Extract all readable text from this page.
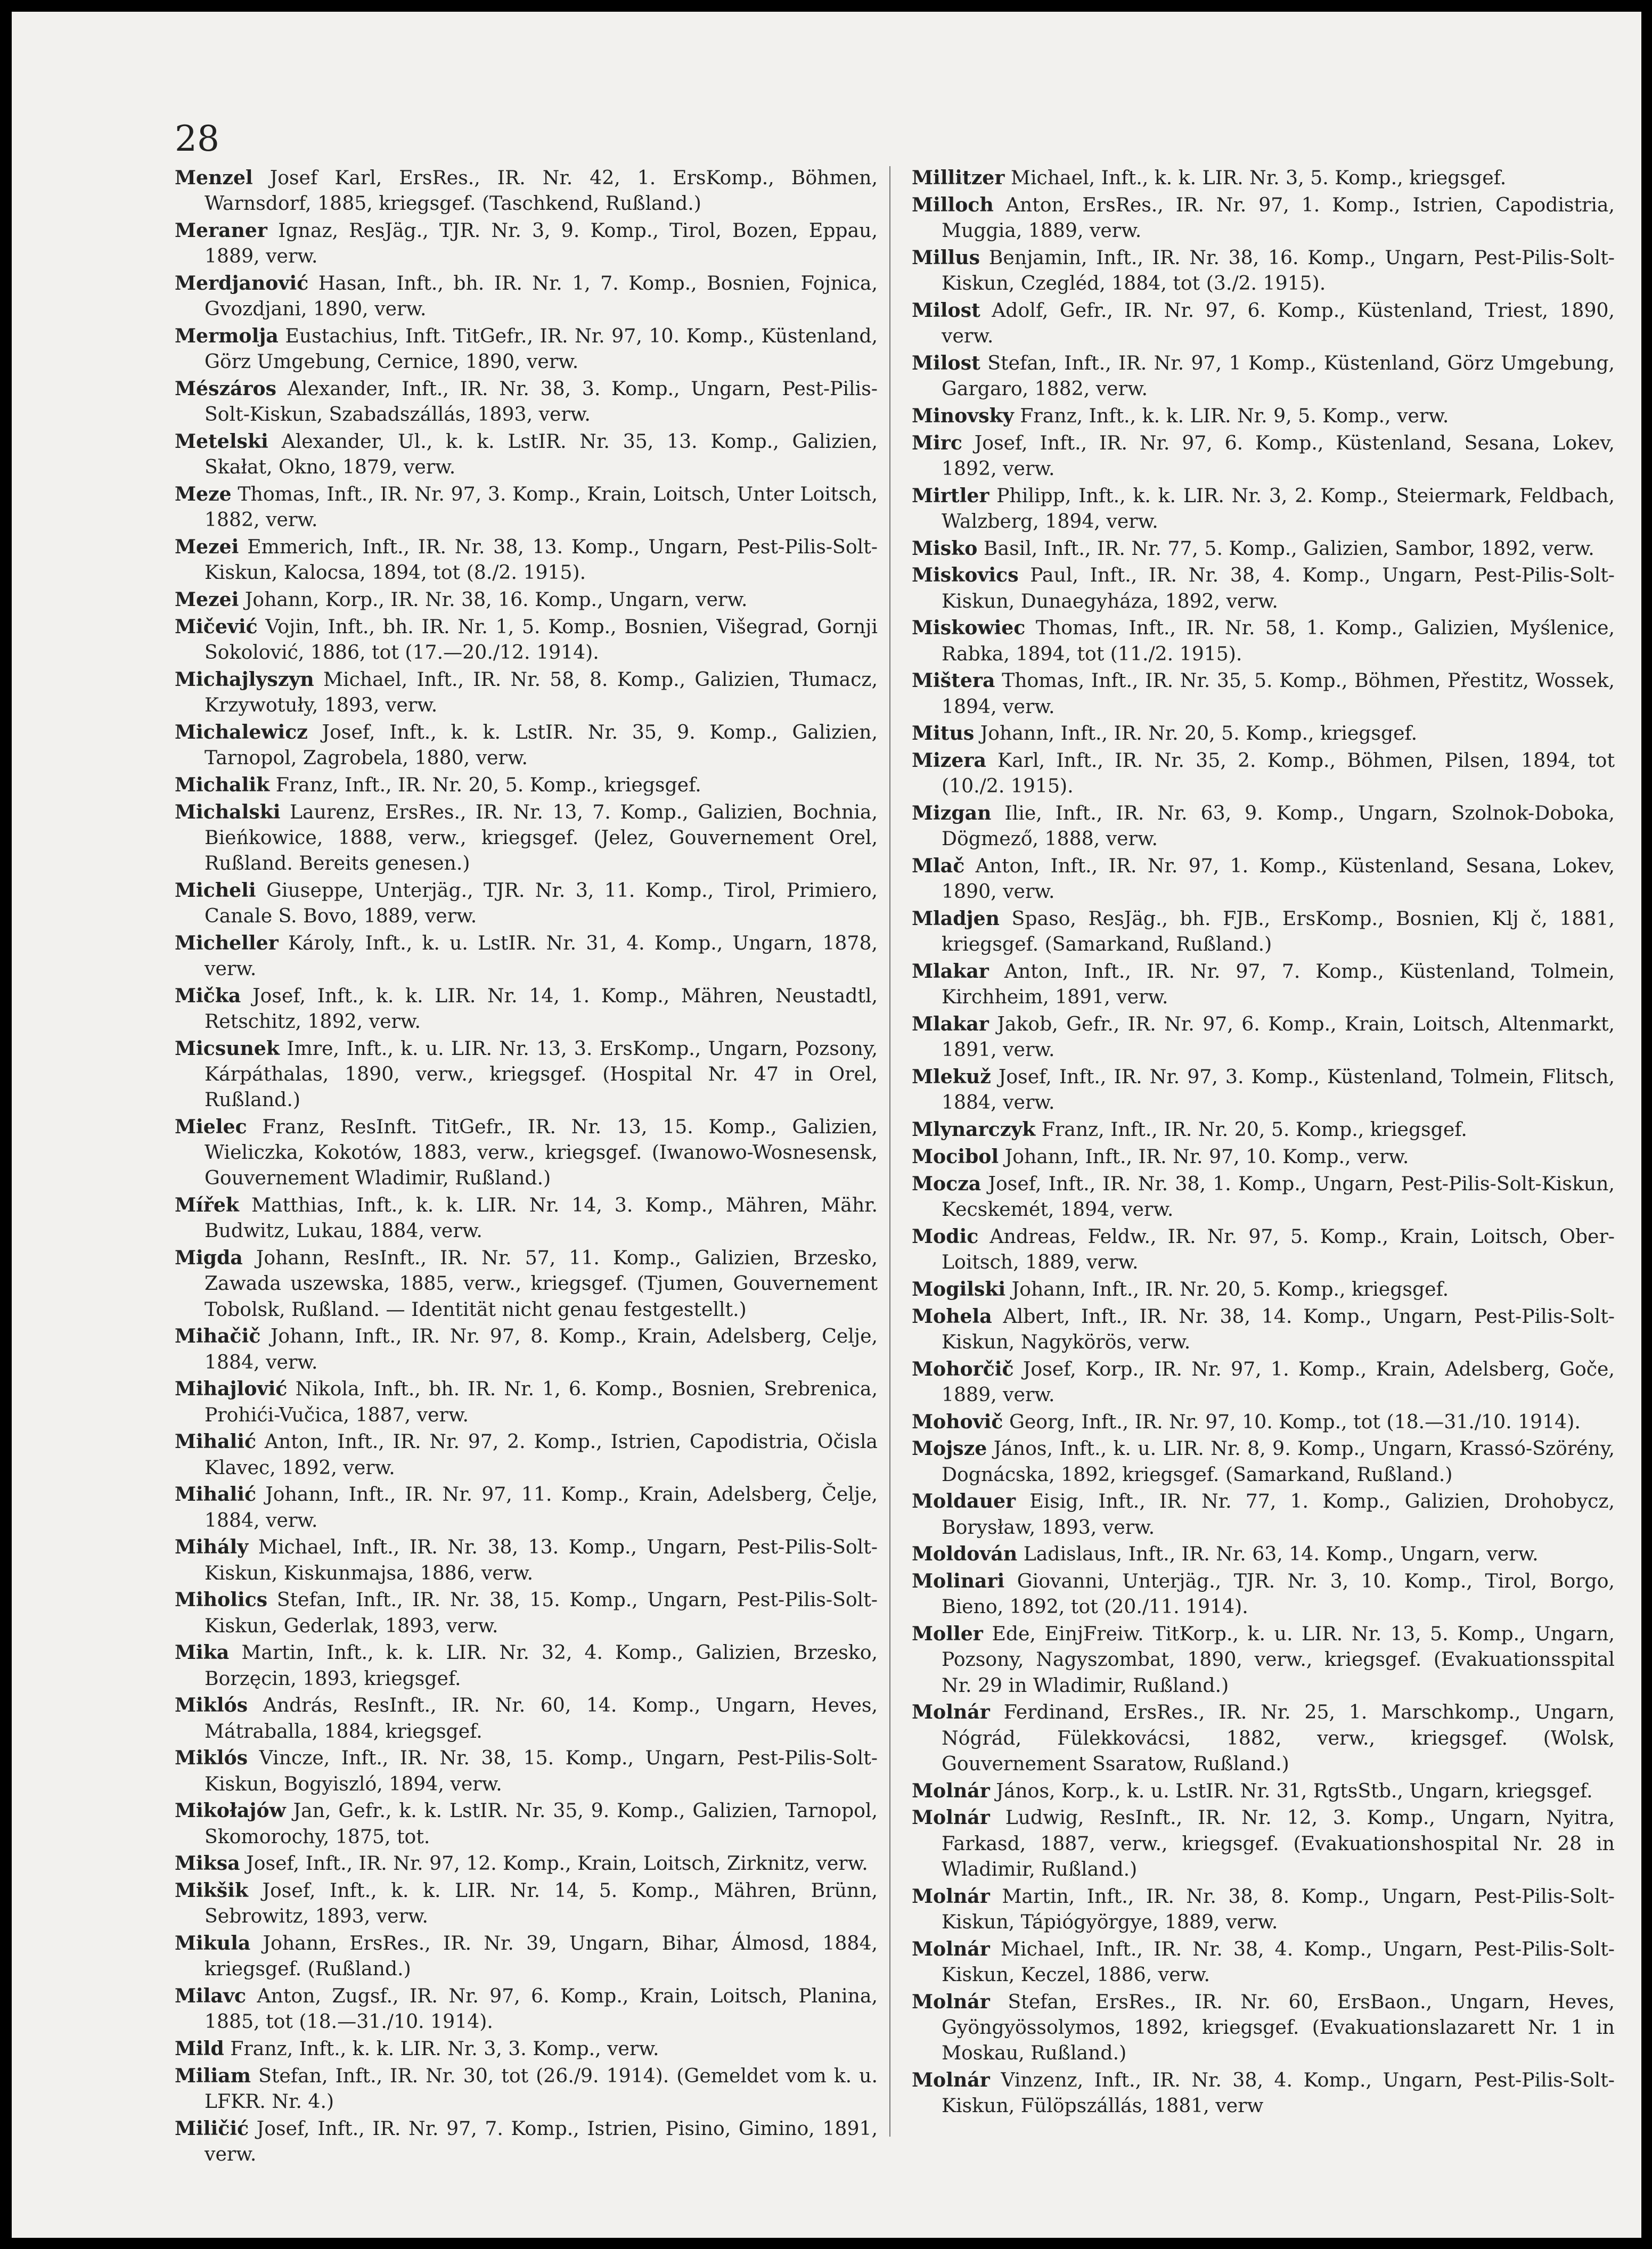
28

Menzel Josef Karl, ErsRes., IR. Nr. 42, 1. ErsKomp., Böhmen, Warnsdorf, 1885, kriegsgef. (Taschkend, Rußland.)

Meraner Ignaz, ResJäg., TJR. Nr. 3, 9. Komp., Tirol, Bozen, Eppau, 1889, verw.

Merdjanović Hasan, Inft., bh. IR. Nr. 1, 7. Komp., Bosnien, Fojnica, Gvozdjani, 1890, verw.

Mermolja Eustachius, Inft. TitGefr., IR. Nr. 97, 10. Komp., Küstenland, Görz Umgebung, Cernice, 1890, verw.

Mészáros Alexander, Inft., IR. Nr. 38, 3. Komp., Ungarn, Pest-Pilis-Solt-Kiskun, Szabadszállás, 1893, verw.

Metelski Alexander, Ul., k. k. LstIR. Nr. 35, 13. Komp., Galizien, Skałat, Okno, 1879, verw.

Meze Thomas, Inft., IR. Nr. 97, 3. Komp., Krain, Loitsch, Unter Loitsch, 1882, verw.

Mezei Emmerich, Inft., IR. Nr. 38, 13. Komp., Ungarn, Pest-Pilis-Solt-Kiskun, Kalocsa, 1894, tot (8./2. 1915).

Mezei Johann, Korp., IR. Nr. 38, 16. Komp., Ungarn, verw.

Mičević Vojin, Inft., bh. IR. Nr. 1, 5. Komp., Bosnien, Višegrad, Gornji Sokolović, 1886, tot (17.—20./12. 1914).

Michajlyszyn Michael, Inft., IR. Nr. 58, 8. Komp., Galizien, Tłumacz, Krzywotuły, 1893, verw.

Michalewicz Josef, Inft., k. k. LstIR. Nr. 35, 9. Komp., Galizien, Tarnopol, Zagrobela, 1880, verw.

Michalik Franz, Inft., IR. Nr. 20, 5. Komp., kriegsgef.

Michalski Laurenz, ErsRes., IR. Nr. 13, 7. Komp., Galizien, Bochnia, Bieńkowice, 1888, verw., kriegsgef. (Jelez, Gouvernement Orel, Rußland. Bereits genesen.)

Micheli Giuseppe, Unterjäg., TJR. Nr. 3, 11. Komp., Tirol, Primiero, Canale S. Bovo, 1889, verw.

Micheller Károly, Inft., k. u. LstIR. Nr. 31, 4. Komp., Ungarn, 1878, verw.

Mička Josef, Inft., k. k. LIR. Nr. 14, 1. Komp., Mähren, Neustadtl, Retschitz, 1892, verw.

Micsunek Imre, Inft., k. u. LIR. Nr. 13, 3. ErsKomp., Ungarn, Pozsony, Kárpáthalas, 1890, verw., kriegsgef. (Hospital Nr. 47 in Orel, Rußland.)

Mielec Franz, ResInft. TitGefr., IR. Nr. 13, 15. Komp., Galizien, Wieliczka, Kokotów, 1883, verw., kriegsgef. (Iwanowo-Wosnesensk, Gouvernement Wladimir, Rußland.)

Mířek Matthias, Inft., k. k. LIR. Nr. 14, 3. Komp., Mähren, Mähr. Budwitz, Lukau, 1884, verw.

Migda Johann, ResInft., IR. Nr. 57, 11. Komp., Galizien, Brzesko, Zawada uszewska, 1885, verw., kriegsgef. (Tjumen, Gouvernement Tobolsk, Rußland. — Identität nicht genau festgestellt.)

Mihačič Johann, Inft., IR. Nr. 97, 8. Komp., Krain, Adelsberg, Celje, 1884, verw.

Mihajlović Nikola, Inft., bh. IR. Nr. 1, 6. Komp., Bosnien, Srebrenica, Prohići-Vučica, 1887, verw.

Mihalić Anton, Inft., IR. Nr. 97, 2. Komp., Istrien, Capodistria, Očisla Klavec, 1892, verw.

Mihalić Johann, Inft., IR. Nr. 97, 11. Komp., Krain, Adelsberg, Čelje, 1884, verw.

Mihály Michael, Inft., IR. Nr. 38, 13. Komp., Ungarn, Pest-Pilis-Solt-Kiskun, Kiskunmajsa, 1886, verw.

Miholics Stefan, Inft., IR. Nr. 38, 15. Komp., Ungarn, Pest-Pilis-Solt-Kiskun, Gederlak, 1893, verw.

Mika Martin, Inft., k. k. LIR. Nr. 32, 4. Komp., Galizien, Brzesko, Borzęcin, 1893, kriegsgef.

Miklós András, ResInft., IR. Nr. 60, 14. Komp., Ungarn, Heves, Mátraballa, 1884, kriegsgef.

Miklós Vincze, Inft., IR. Nr. 38, 15. Komp., Ungarn, Pest-Pilis-Solt-Kiskun, Bogyiszló, 1894, verw.

Mikołajów Jan, Gefr., k. k. LstIR. Nr. 35, 9. Komp., Galizien, Tarnopol, Skomorochy, 1875, tot.

Miksa Josef, Inft., IR. Nr. 97, 12. Komp., Krain, Loitsch, Zirknitz, verw.

Mikšik Josef, Inft., k. k. LIR. Nr. 14, 5. Komp., Mähren, Brünn, Sebrowitz, 1893, verw.

Mikula Johann, ErsRes., IR. Nr. 39, Ungarn, Bihar, Álmosd, 1884, kriegsgef. (Rußland.)

Milavc Anton, Zugsf., IR. Nr. 97, 6. Komp., Krain, Loitsch, Planina, 1885, tot (18.—31./10. 1914).

Mild Franz, Inft., k. k. LIR. Nr. 3, 3. Komp., verw.

Miliam Stefan, Inft., IR. Nr. 30, tot (26./9. 1914). (Gemeldet vom k. u. LFKR. Nr. 4.)

Miličić Josef, Inft., IR. Nr. 97, 7. Komp., Istrien, Pisino, Gimino, 1891, verw.

Millitzer Michael, Inft., k. k. LIR. Nr. 3, 5. Komp., kriegsgef.

Milloch Anton, ErsRes., IR. Nr. 97, 1. Komp., Istrien, Capodistria, Muggia, 1889, verw.

Millus Benjamin, Inft., IR. Nr. 38, 16. Komp., Ungarn, Pest-Pilis-Solt-Kiskun, Czegléd, 1884, tot (3./2. 1915).

Milost Adolf, Gefr., IR. Nr. 97, 6. Komp., Küstenland, Triest, 1890, verw.

Milost Stefan, Inft., IR. Nr. 97, 1 Komp., Küstenland, Görz Umgebung, Gargaro, 1882, verw.

Minovsky Franz, Inft., k. k. LIR. Nr. 9, 5. Komp., verw.

Mirc Josef, Inft., IR. Nr. 97, 6. Komp., Küstenland, Sesana, Lokev, 1892, verw.

Mirtler Philipp, Inft., k. k. LIR. Nr. 3, 2. Komp., Steiermark, Feldbach, Walzberg, 1894, verw.

Misko Basil, Inft., IR. Nr. 77, 5. Komp., Galizien, Sambor, 1892, verw.

Miskovics Paul, Inft., IR. Nr. 38, 4. Komp., Ungarn, Pest-Pilis-Solt-Kiskun, Dunaegyháza, 1892, verw.

Miskowiec Thomas, Inft., IR. Nr. 58, 1. Komp., Galizien, Myślenice, Rabka, 1894, tot (11./2. 1915).

Mištera Thomas, Inft., IR. Nr. 35, 5. Komp., Böhmen, Přestitz, Wossek, 1894, verw.

Mitus Johann, Inft., IR. Nr. 20, 5. Komp., kriegsgef.

Mizera Karl, Inft., IR. Nr. 35, 2. Komp., Böhmen, Pilsen, 1894, tot (10./2. 1915).

Mizgan Ilie, Inft., IR. Nr. 63, 9. Komp., Ungarn, Szolnok-Doboka, Dögmező, 1888, verw.

Mlač Anton, Inft., IR. Nr. 97, 1. Komp., Küstenland, Sesana, Lokev, 1890, verw.

Mladjen Spaso, ResJäg., bh. FJB., ErsKomp., Bosnien, Klj č, 1881, kriegsgef. (Samarkand, Rußland.)

Mlakar Anton, Inft., IR. Nr. 97, 7. Komp., Küstenland, Tolmein, Kirchheim, 1891, verw.

Mlakar Jakob, Gefr., IR. Nr. 97, 6. Komp., Krain, Loitsch, Altenmarkt, 1891, verw.

Mlekuž Josef, Inft., IR. Nr. 97, 3. Komp., Küstenland, Tolmein, Flitsch, 1884, verw.

Mlynarczyk Franz, Inft., IR. Nr. 20, 5. Komp., kriegsgef.

Mocibol Johann, Inft., IR. Nr. 97, 10. Komp., verw.

Mocza Josef, Inft., IR. Nr. 38, 1. Komp., Ungarn, Pest-Pilis-Solt-Kiskun, Kecskemét, 1894, verw.

Modic Andreas, Feldw., IR. Nr. 97, 5. Komp., Krain, Loitsch, Ober-Loitsch, 1889, verw.

Mogilski Johann, Inft., IR. Nr. 20, 5. Komp., kriegsgef.

Mohela Albert, Inft., IR. Nr. 38, 14. Komp., Ungarn, Pest-Pilis-Solt-Kiskun, Nagykörös, verw.

Mohorčič Josef, Korp., IR. Nr. 97, 1. Komp., Krain, Adelsberg, Goče, 1889, verw.

Mohovič Georg, Inft., IR. Nr. 97, 10. Komp., tot (18.—31./10. 1914).

Mojsze János, Inft., k. u. LIR. Nr. 8, 9. Komp., Ungarn, Krassó-Szörény, Dognácska, 1892, kriegsgef. (Samarkand, Rußland.)

Moldauer Eisig, Inft., IR. Nr. 77, 1. Komp., Galizien, Drohobycz, Borysław, 1893, verw.

Moldován Ladislaus, Inft., IR. Nr. 63, 14. Komp., Ungarn, verw.

Molinari Giovanni, Unterjäg., TJR. Nr. 3, 10. Komp., Tirol, Borgo, Bieno, 1892, tot (20./11. 1914).

Moller Ede, EinjFreiw. TitKorp., k. u. LIR. Nr. 13, 5. Komp., Ungarn, Pozsony, Nagyszombat, 1890, verw., kriegsgef. (Evakuationsspital Nr. 29 in Wladimir, Rußland.)

Molnár Ferdinand, ErsRes., IR. Nr. 25, 1. Marschkomp., Ungarn, Nógrád, Fülekkovácsi, 1882, verw., kriegsgef. (Wolsk, Gouvernement Ssaratow, Rußland.)

Molnár János, Korp., k. u. LstIR. Nr. 31, RgtsStb., Ungarn, kriegsgef.

Molnár Ludwig, ResInft., IR. Nr. 12, 3. Komp., Ungarn, Nyitra, Farkasd, 1887, verw., kriegsgef. (Evakuationshospital Nr. 28 in Wladimir, Rußland.)

Molnár Martin, Inft., IR. Nr. 38, 8. Komp., Ungarn, Pest-Pilis-Solt-Kiskun, Tápiógyörgye, 1889, verw.

Molnár Michael, Inft., IR. Nr. 38, 4. Komp., Ungarn, Pest-Pilis-Solt-Kiskun, Keczel, 1886, verw.

Molnár Stefan, ErsRes., IR. Nr. 60, ErsBaon., Ungarn, Heves, Gyöngyössolymos, 1892, kriegsgef. (Evakuationslazarett Nr. 1 in Moskau, Rußland.)

Molnár Vinzenz, Inft., IR. Nr. 38, 4. Komp., Ungarn, Pest-Pilis-Solt-Kiskun, Fülöpszállás, 1881, verw
